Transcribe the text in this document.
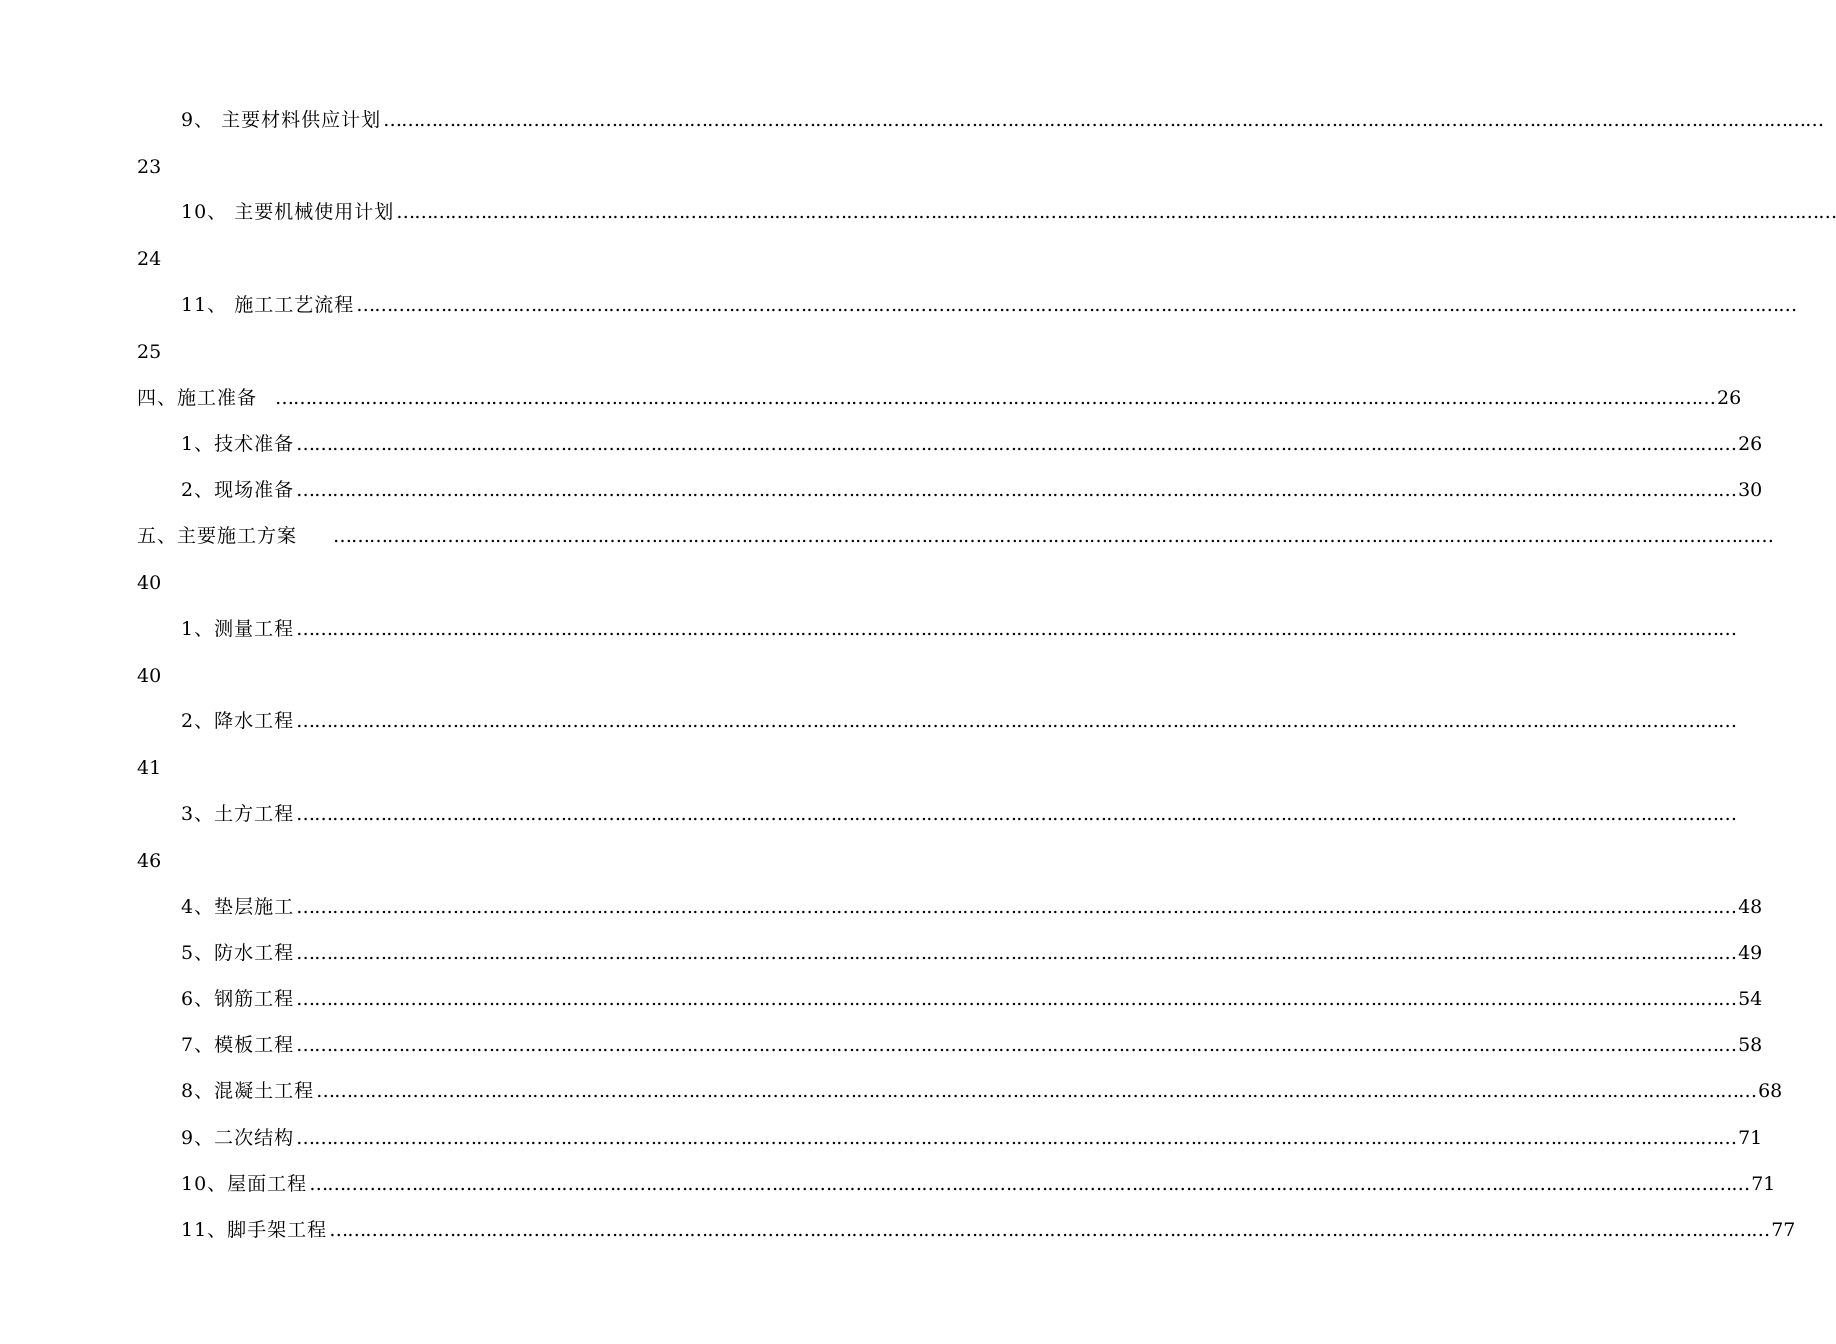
9、 主要材料供应计划 ……………………………………………………………………………………………………………………………………………………………………………………………………………………
23
10、 主要机械使用计划 ……………………………………………………………………………………………………………………………………………………………………………………………………………………
24
11、 施工工艺流程 ……………………………………………………………………………………………………………………………………………………………………………………………………………………
25
四、施工准备 …………………………………………………………………………………………………………………………………………………………………………………………………………………… 26
1、技术准备 …………………………………………………………………………………………………………………………………………………………………………………………………………………… 26
2、现场准备 …………………………………………………………………………………………………………………………………………………………………………………………………………………… 30
五、主要施工方案 ……………………………………………………………………………………………………………………………………………………………………………………………………………………
40
1、测量工程 ……………………………………………………………………………………………………………………………………………………………………………………………………………………
40
2、降水工程 ……………………………………………………………………………………………………………………………………………………………………………………………………………………
41
3、土方工程 ……………………………………………………………………………………………………………………………………………………………………………………………………………………
46
4、垫层施工 …………………………………………………………………………………………………………………………………………………………………………………………………………………… 48
5、防水工程 …………………………………………………………………………………………………………………………………………………………………………………………………………………… 49
6、钢筋工程 …………………………………………………………………………………………………………………………………………………………………………………………………………………… 54
7、模板工程 …………………………………………………………………………………………………………………………………………………………………………………………………………………… 58
8、混凝土工程 …………………………………………………………………………………………………………………………………………………………………………………………………………………… 68
9、二次结构 …………………………………………………………………………………………………………………………………………………………………………………………………………………… 71
10、屋面工程 …………………………………………………………………………………………………………………………………………………………………………………………………………………… 71
11、脚手架工程 …………………………………………………………………………………………………………………………………………………………………………………………………………………… 77
